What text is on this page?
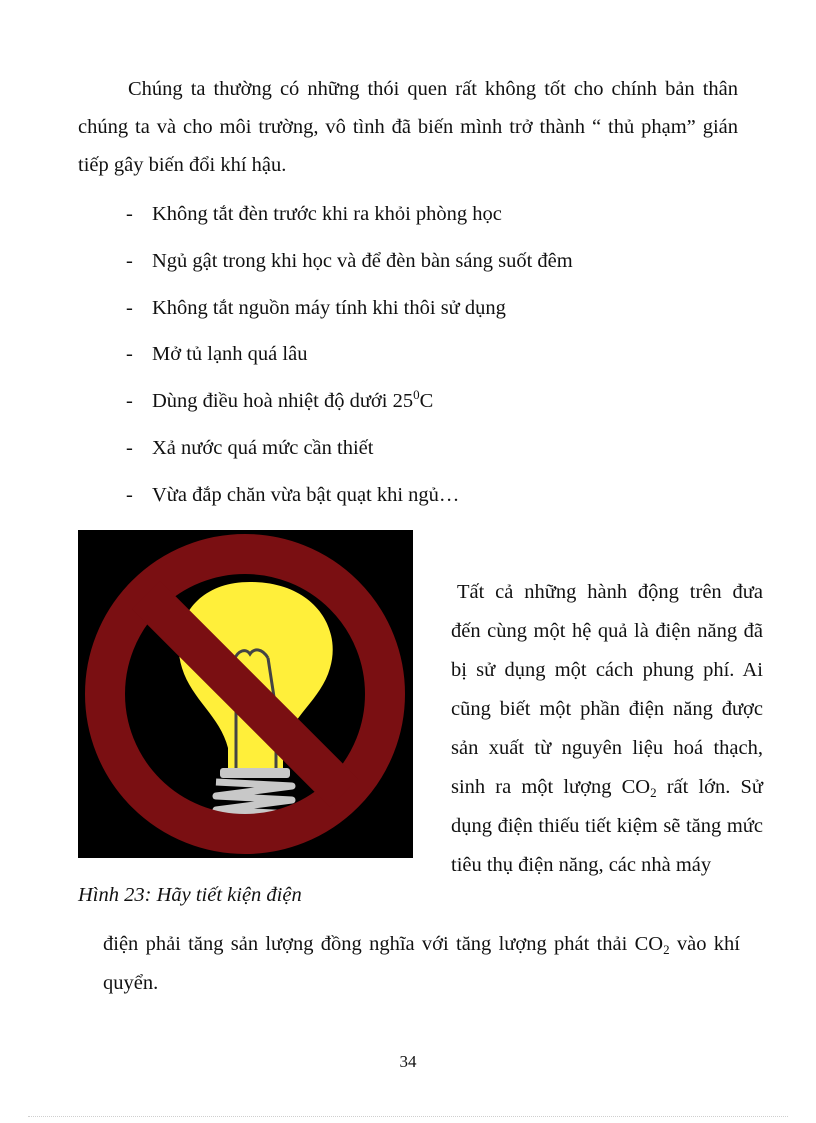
Chúng ta thường có những thói quen rất không tốt cho chính bản thân chúng ta và cho môi trường, vô tình đã biến mình trở thành “ thủ phạm” gián tiếp gây biến đổi khí hậu.

- Không tắt đèn trước khi ra khỏi phòng học
- Ngủ gật trong khi học và để đèn bàn sáng suốt đêm
- Không tắt nguồn máy tính khi thôi sử dụng
- Mở tủ lạnh quá lâu
- Dùng điều hoà nhiệt độ dưới $25^0C$
- Xả nước quá mức cần thiết
- Vừa đắp chăn vừa bật quạt khi ngủ…

Hình 23: Hãy tiết kiện điện

Tất cả những hành động trên đưa đến cùng một hệ quả là điện năng đã bị sử dụng một cách phung phí. Ai cũng biết một phần điện năng được sản xuất từ nguyên liệu hoá thạch, sinh ra một lượng $CO_2$ rất lớn. Sử dụng điện thiếu tiết kiệm sẽ tăng mức tiêu thụ điện năng, các nhà máy

điện phải tăng sản lượng đồng nghĩa với tăng lượng phát thải $CO_2$ vào khí quyển.

34
